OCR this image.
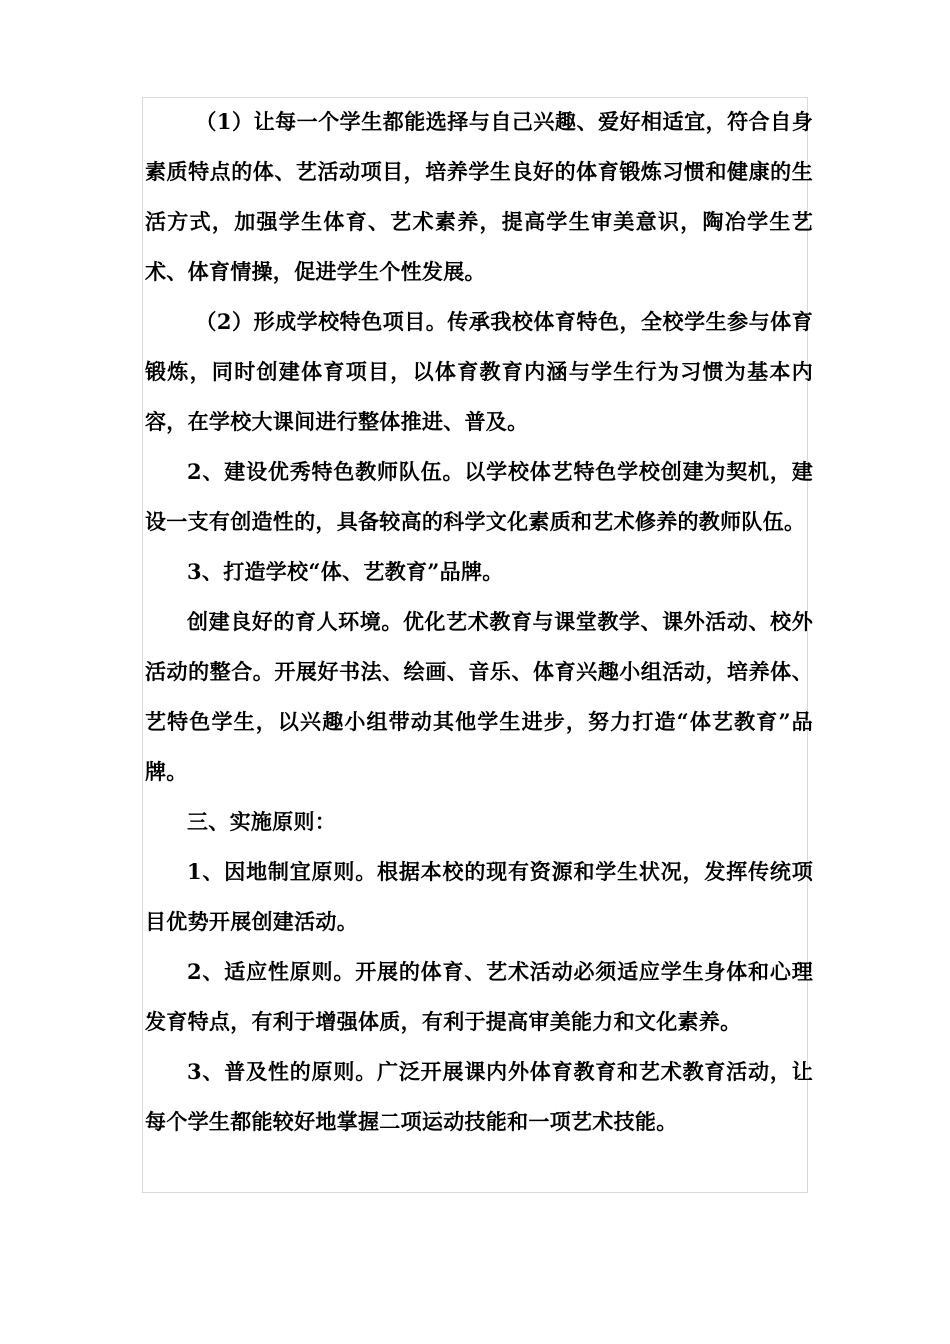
（1）让每一个学生都能选择与自己兴趣、爱好相适宜，符合自身素质特点的体、艺活动项目，培养学生良好的体育锻炼习惯和健康的生活方式，加强学生体育、艺术素养，提高学生审美意识，陶冶学生艺术、体育情操，促进学生个性发展。

（2）形成学校特色项目。传承我校体育特色，全校学生参与体育锻炼，同时创建体育项目，以体育教育内涵与学生行为习惯为基本内容，在学校大课间进行整体推进、普及。

2、建设优秀特色教师队伍。以学校体艺特色学校创建为契机，建设一支有创造性的，具备较高的科学文化素质和艺术修养的教师队伍。

3、打造学校“体、艺教育”品牌。

创建良好的育人环境。优化艺术教育与课堂教学、课外活动、校外活动的整合。开展好书法、绘画、音乐、体育兴趣小组活动，培养体、艺特色学生，以兴趣小组带动其他学生进步，努力打造“体艺教育”品牌。

三、实施原则：

1、因地制宜原则。根据本校的现有资源和学生状况，发挥传统项目优势开展创建活动。

2、适应性原则。开展的体育、艺术活动必须适应学生身体和心理发育特点，有利于增强体质，有利于提高审美能力和文化素养。

3、普及性的原则。广泛开展课内外体育教育和艺术教育活动，让每个学生都能较好地掌握二项运动技能和一项艺术技能。
